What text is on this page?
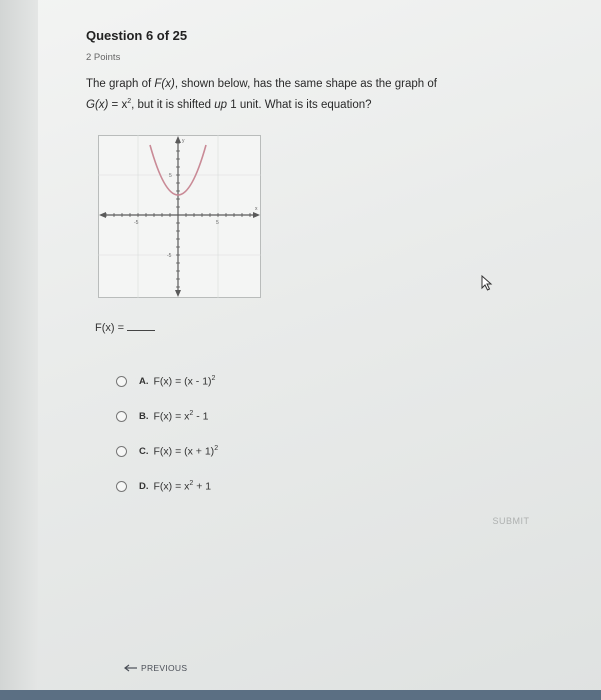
Question 6 of 25
2 Points
The graph of F(x), shown below, has the same shape as the graph of
$G(x) = x^2$, but it is shifted up 1 unit. What is its equation?
y
x
-5	5
5
-5
F(x) =
A. F(x) = (x - 1)$^2$
B. $F(x) = x^2 - 1$
C. $F(x) = (x + 1)^2$
D. $F(x) = x^2 + 1$
SUBMIT
PREVIOUS
